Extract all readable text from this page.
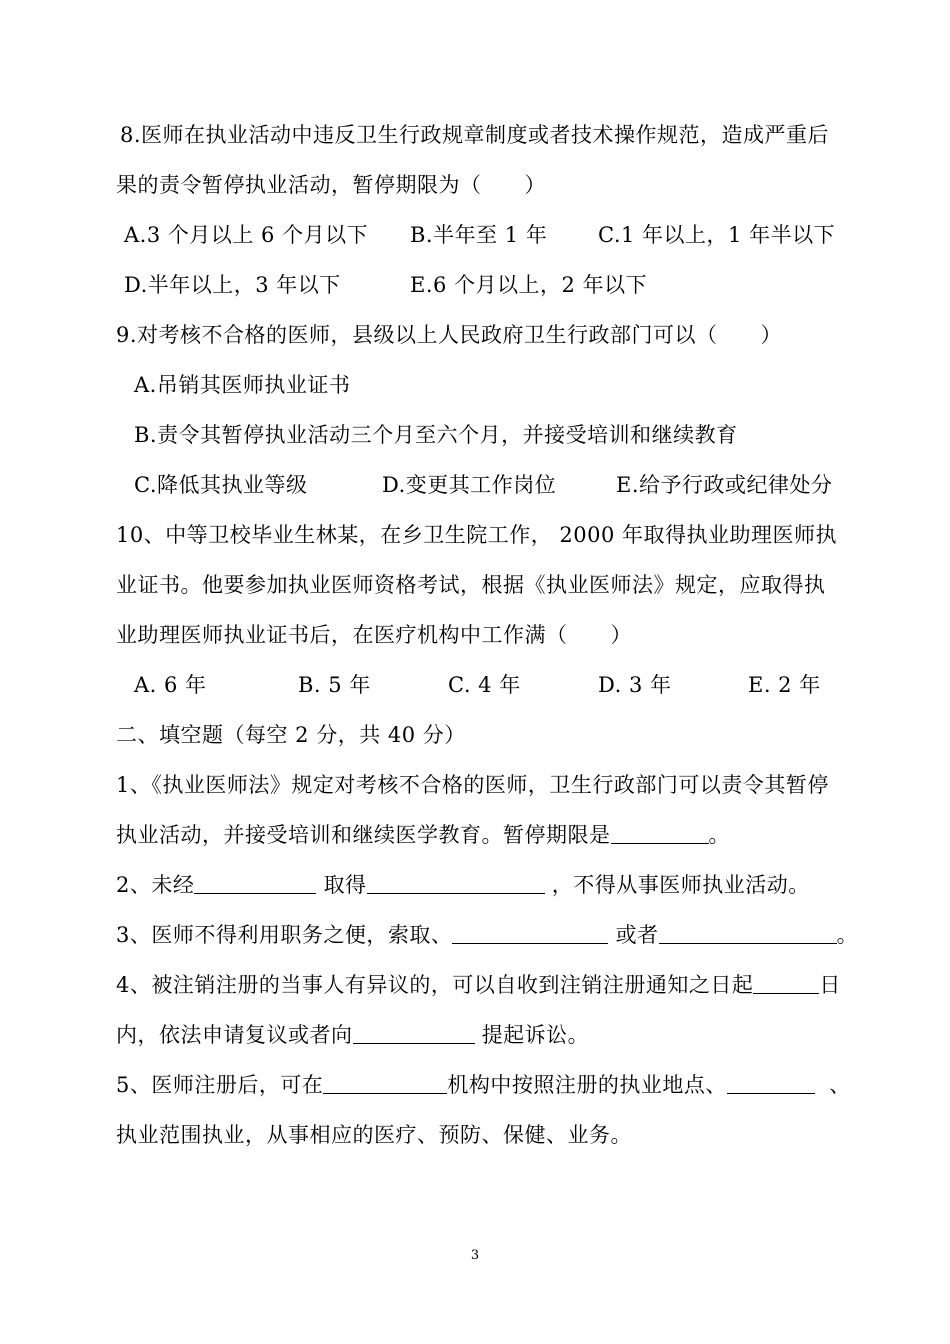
8.医师在执业活动中违反卫生行政规章制度或者技术操作规范，造成严重后
果的责令暂停执业活动，暂停期限为（　　）
A.3 个月以上 6 个月以下 B.半年至 1 年 C.1 年以上，1 年半以下
D.半年以上，3 年以下	E.6 个月以上，2 年以下
9.对考核不合格的医师，县级以上人民政府卫生行政部门可以（　　）
A.吊销其医师执业证书
B.责令其暂停执业活动三个月至六个月，并接受培训和继续教育
C.降低其执业等级	D.变更其工作岗位	E.给予行政或纪律处分
10、中等卫校毕业生林某，在乡卫生院工作， 2000 年取得执业助理医师执
业证书。他要参加执业医师资格考试，根据《执业医师法》规定，应取得执
业助理医师执业证书后，在医疗机构中工作满（　　）
A. 6 年	B. 5 年	C. 4 年	D. 3 年	E. 2 年
二、填空题（每空 2 分，共 40 分）
1、《执业医师法》规定对考核不合格的医师，卫生行政部门可以责令其暂停
执业活动，并接受培训和继续医学教育。暂停期限是	。
2、未经	取得	，不得从事医师执业活动。
3、医师不得利用职务之便，索取、	或者	。
4、被注销注册的当事人有异议的，可以自收到注销注册通知之日起	日
内，依法申请复议或者向	提起诉讼。
5、医师注册后，可在	机构中按照注册的执业地点、	、
执业范围执业，从事相应的医疗、预防、保健、业务。
3
